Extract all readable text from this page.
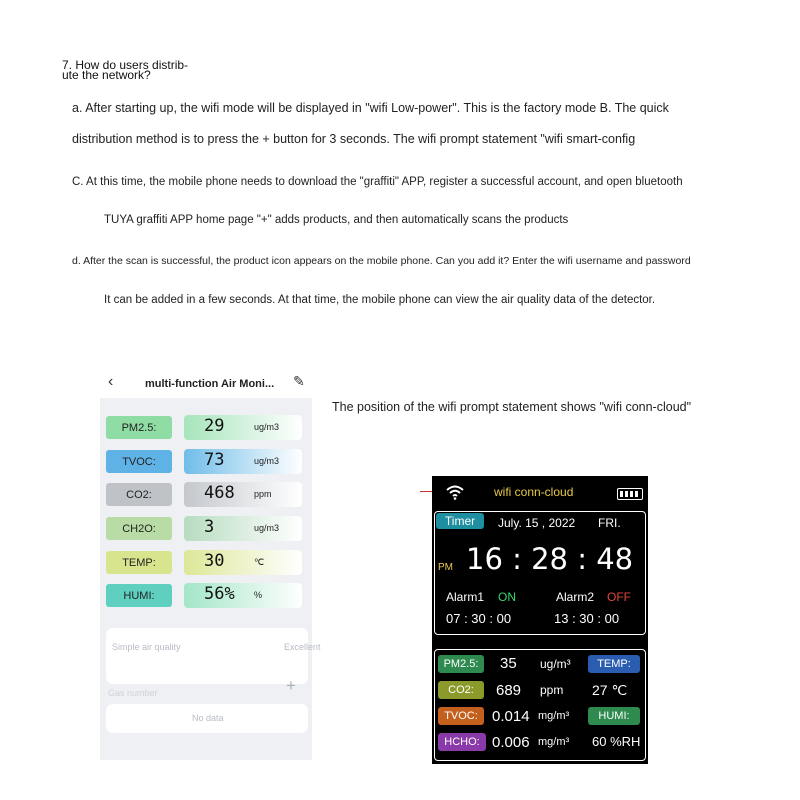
7. How do users distrib-
ute the network?
a. After starting up, the wifi mode will be displayed in "wifi Low-power". This is the factory mode B. The quick
distribution method is to press the + button for 3 seconds. The wifi prompt statement "wifi smart-config
C. At this time, the mobile phone needs to download the "graffiti" APP, register a successful account, and open bluetooth
TUYA graffiti APP home page "+" adds products, and then automatically scans the products
d. After the scan is successful, the product icon appears on the mobile phone. Can you add it? Enter the wifi username and password
It can be added in a few seconds. At that time, the mobile phone can view the air quality data of the detector.
The position of the wifi prompt statement shows "wifi conn-cloud"
‹	multi-function Air Moni... ✎
PM2.5:	29	ug/m3
TVOC:	73	ug/m3
CO2:	468 ppm
CH2O:	3	ug/m3
TEMP:	30	℃
HUMI:	56% %
Simple air quality	Excellent
Gas number	+
No data
wifi conn-cloud
Timer	July. 15 , 2022 FRI.
PM 16 : 28 : 48
Alarm1 ON
07 : 30 : 00
Alarm2 OFF
13 : 30 : 00
PM2.5:	35 ug/m³
CO2:	689 ppm
TVOC: 0.014 mg/m³
HCHO: 0.006 mg/m³
TEMP:
27 ℃
HUMI:
60 %RH
